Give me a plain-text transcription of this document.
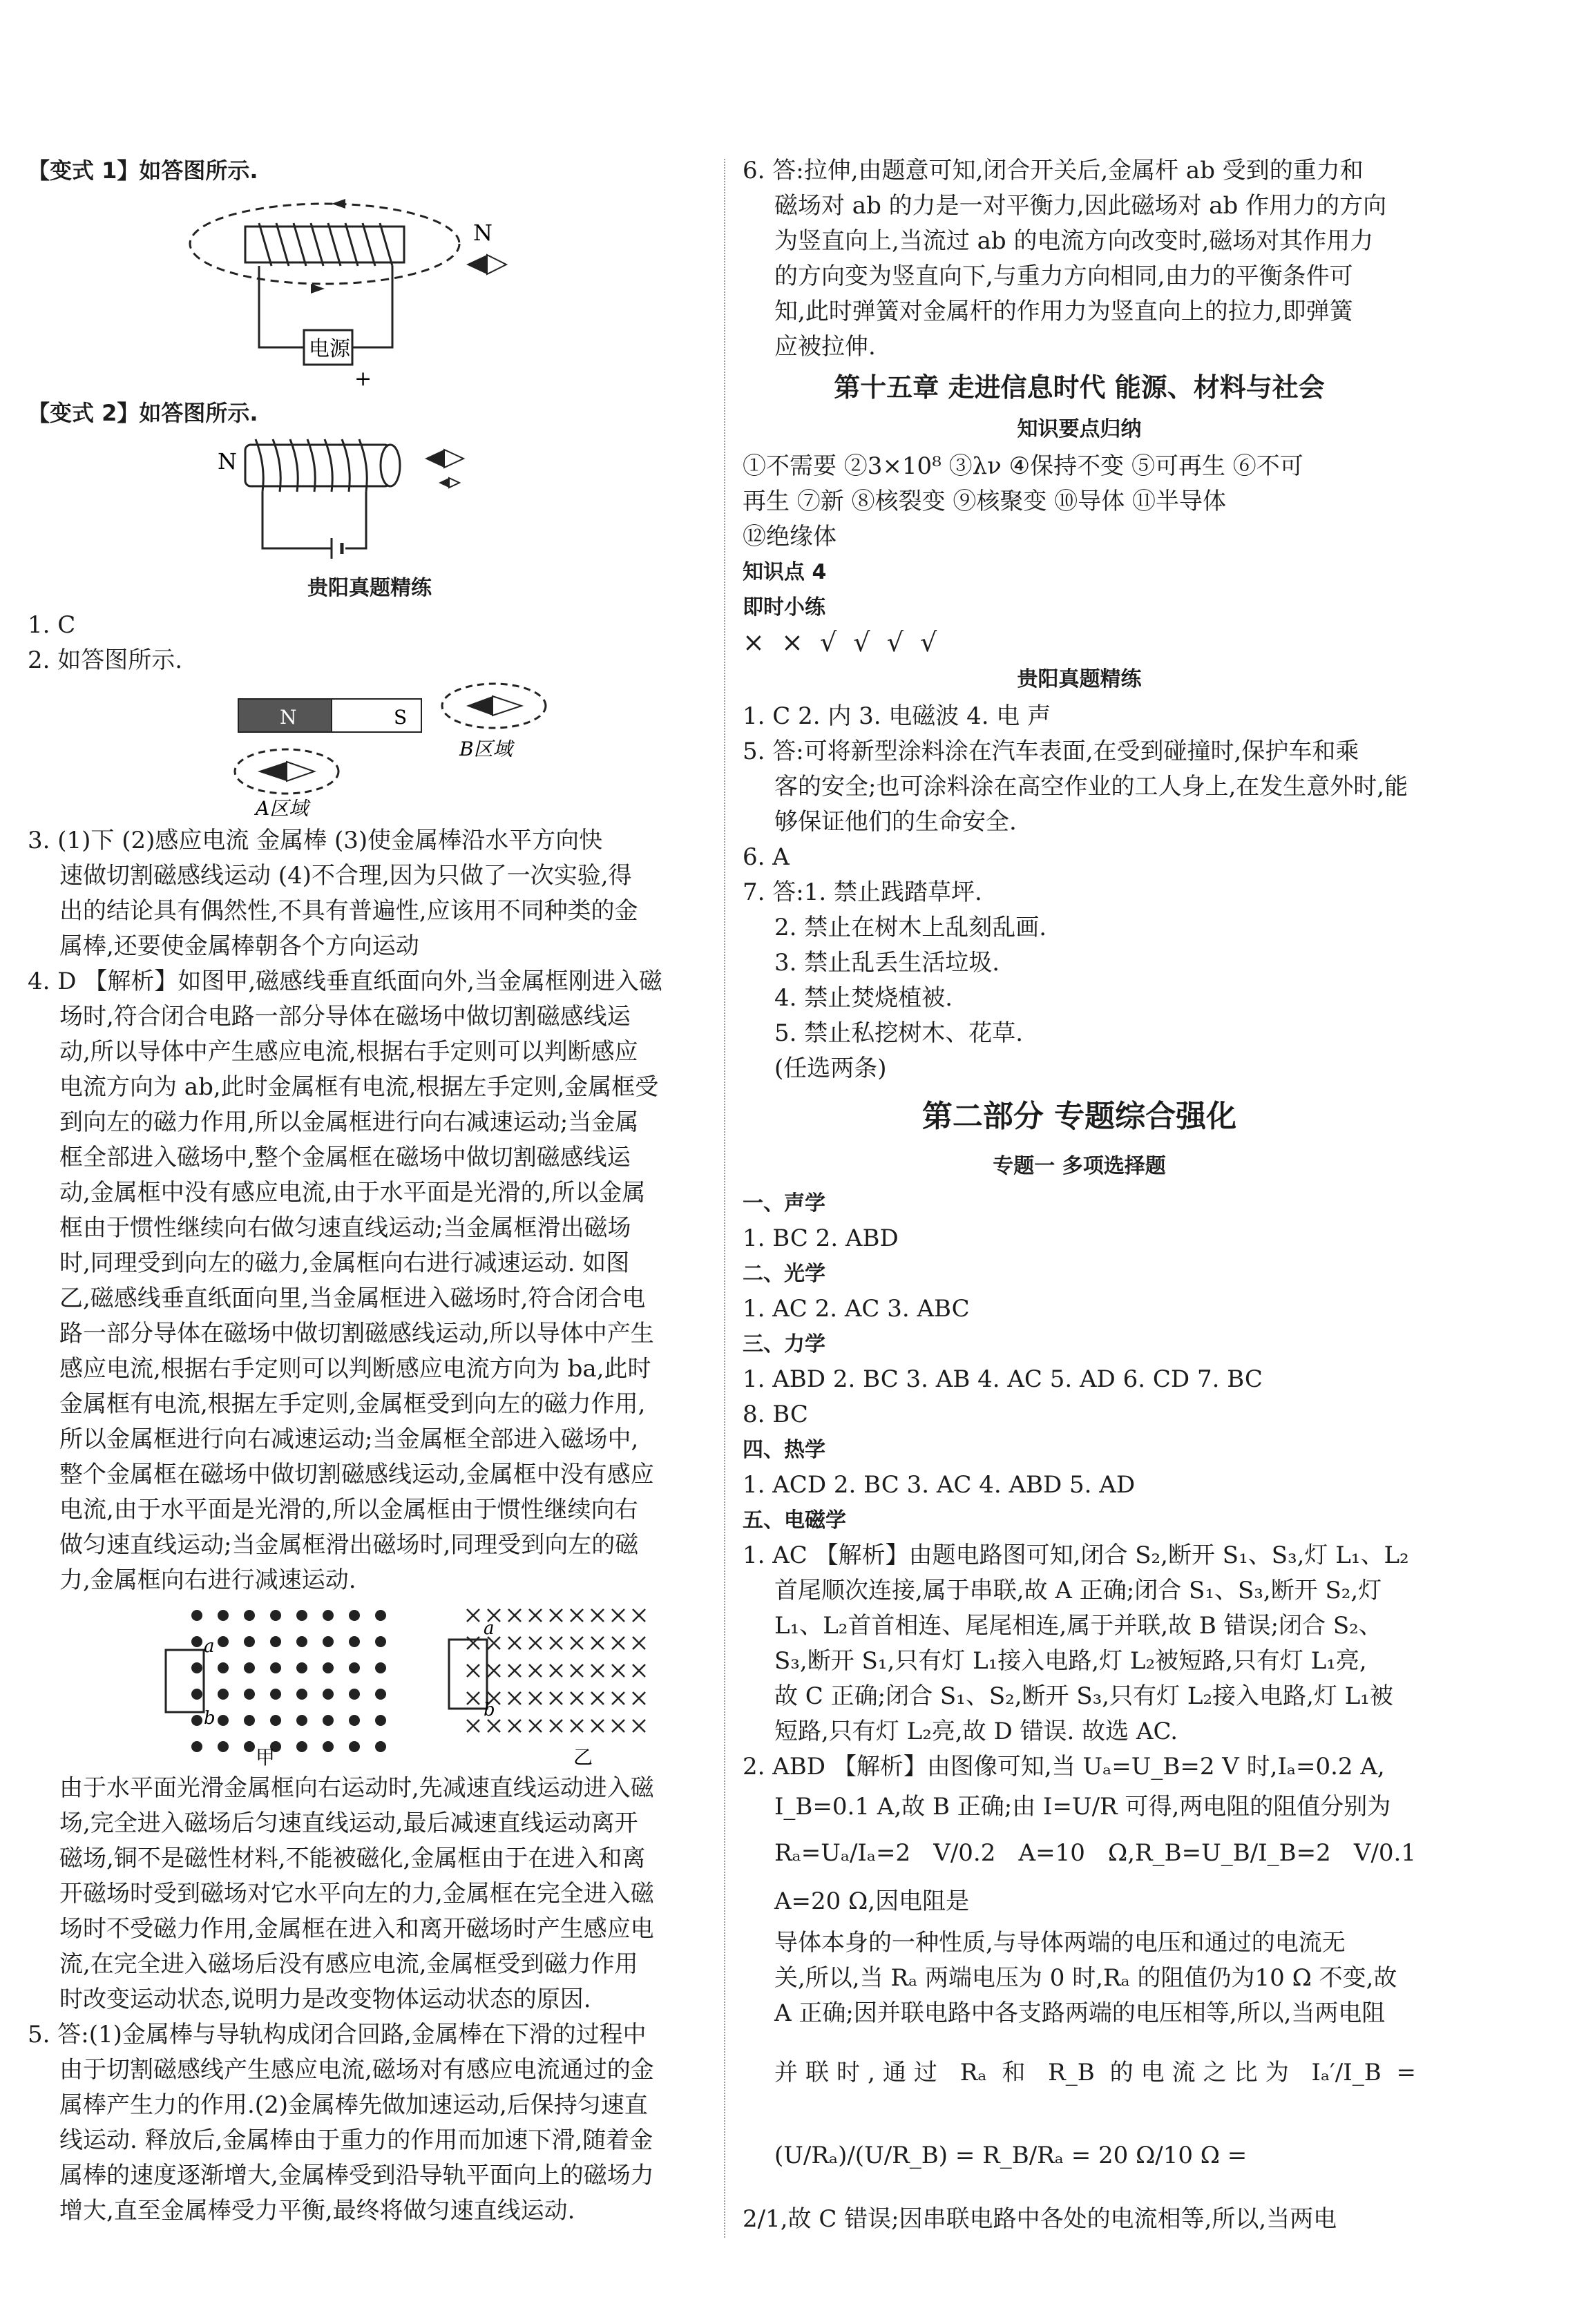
【变式 1】如答图所示.

电源
+
N

【变式 2】如答图所示.

N

贵阳真题精练

1. C

2. 如答图所示.

N	S
B区域
A区域

3. (1)下 (2)感应电流 金属棒 (3)使金属棒沿水平方向快

速做切割磁感线运动 (4)不合理,因为只做了一次实验,得

出的结论具有偶然性,不具有普遍性,应该用不同种类的金

属棒,还要使金属棒朝各个方向运动

4. D 【解析】如图甲,磁感线垂直纸面向外,当金属框刚进入磁

场时,符合闭合电路一部分导体在磁场中做切割磁感线运

动,所以导体中产生感应电流,根据右手定则可以判断感应

电流方向为 ab,此时金属框有电流,根据左手定则,金属框受

到向左的磁力作用,所以金属框进行向右减速运动;当金属

框全部进入磁场中,整个金属框在磁场中做切割磁感线运

动,金属框中没有感应电流,由于水平面是光滑的,所以金属

框由于惯性继续向右做匀速直线运动;当金属框滑出磁场

时,同理受到向左的磁力,金属框向右进行减速运动. 如图

乙,磁感线垂直纸面向里,当金属框进入磁场时,符合闭合电

路一部分导体在磁场中做切割磁感线运动,所以导体中产生

感应电流,根据右手定则可以判断感应电流方向为 ba,此时

金属框有电流,根据左手定则,金属框受到向左的磁力作用,

所以金属框进行向右减速运动;当金属框全部进入磁场中,

整个金属框在磁场中做切割磁感线运动,金属框中没有感应

电流,由于水平面是光滑的,所以金属框由于惯性继续向右

做匀速直线运动;当金属框滑出磁场时,同理受到向左的磁

力,金属框向右进行减速运动.

a
b
甲
a
b
乙

由于水平面光滑金属框向右运动时,先减速直线运动进入磁

场,完全进入磁场后匀速直线运动,最后减速直线运动离开

磁场,铜不是磁性材料,不能被磁化,金属框由于在进入和离

开磁场时受到磁场对它水平向左的力,金属框在完全进入磁

场时不受磁力作用,金属框在进入和离开磁场时产生感应电

流,在完全进入磁场后没有感应电流,金属框受到磁力作用

时改变运动状态,说明力是改变物体运动状态的原因.

5. 答:(1)金属棒与导轨构成闭合回路,金属棒在下滑的过程中

由于切割磁感线产生感应电流,磁场对有感应电流通过的金

属棒产生力的作用.(2)金属棒先做加速运动,后保持匀速直

线运动. 释放后,金属棒由于重力的作用而加速下滑,随着金

属棒的速度逐渐增大,金属棒受到沿导轨平面向上的磁场力

增大,直至金属棒受力平衡,最终将做匀速直线运动.

6. 答:拉伸,由题意可知,闭合开关后,金属杆 ab 受到的重力和

磁场对 ab 的力是一对平衡力,因此磁场对 ab 作用力的方向

为竖直向上,当流过 ab 的电流方向改变时,磁场对其作用力

的方向变为竖直向下,与重力方向相同,由力的平衡条件可

知,此时弹簧对金属杆的作用力为竖直向上的拉力,即弹簧

应被拉伸.

第十五章 走进信息时代 能源、材料与社会

知识要点归纳

①不需要 ②3×10⁸ ③λν ④保持不变 ⑤可再生 ⑥不可

再生 ⑦新 ⑧核裂变 ⑨核聚变 ⑩导体 ⑪半导体

⑫绝缘体

知识点 4

即时小练

×  ×  √  √  √  √

贵阳真题精练

1. C 2. 内 3. 电磁波 4. 电 声

5. 答:可将新型涂料涂在汽车表面,在受到碰撞时,保护车和乘

客的安全;也可涂料涂在高空作业的工人身上,在发生意外时,能

够保证他们的生命安全.

6. A

7. 答:1. 禁止践踏草坪.

2. 禁止在树木上乱刻乱画.

3. 禁止乱丢生活垃圾.

4. 禁止焚烧植被.

5. 禁止私挖树木、花草.

(任选两条)

第二部分 专题综合强化

专题一 多项选择题

一、声学

1. BC 2. ABD

二、光学

1. AC 2. AC 3. ABC

三、力学

1. ABD 2. BC 3. AB 4. AC 5. AD 6. CD 7. BC

8. BC

四、热学

1. ACD 2. BC 3. AC 4. ABD 5. AD

五、电磁学

1. AC 【解析】由题电路图可知,闭合 S₂,断开 S₁、S₃,灯 L₁、L₂

首尾顺次连接,属于串联,故 A 正确;闭合 S₁、S₃,断开 S₂,灯

L₁、L₂首首相连、尾尾相连,属于并联,故 B 错误;闭合 S₂、

S₃,断开 S₁,只有灯 L₁接入电路,灯 L₂被短路,只有灯 L₁亮,

故 C 正确;闭合 S₁、S₂,断开 S₃,只有灯 L₂接入电路,灯 L₁被

短路,只有灯 L₂亮,故 D 错误. 故选 AC.

2. ABD 【解析】由图像可知,当 Uₐ=U_B=2 V 时,Iₐ=0.2 A,

I_B=0.1 A,故 B 正确;由 I=U/R 可得,两电阻的阻值分别为

Rₐ=Uₐ/Iₐ=2 V/0.2 A=10 Ω,R_B=U_B/I_B=2 V/0.1 A=20 Ω,因电阻是

导体本身的一种性质,与导体两端的电压和通过的电流无

关,所以,当 Rₐ 两端电压为 0 时,Rₐ 的阻值仍为10 Ω 不变,故

A 正确;因并联电路中各支路两端的电压相等,所以,当两电阻

并联时,通过 Rₐ 和 R_B 的电流之比为 Iₐ′/I_B = (U/Rₐ)/(U/R_B) = R_B/Rₐ = 20 Ω/10 Ω =

2/1,故 C 错误;因串联电路中各处的电流相等,所以,当两电
